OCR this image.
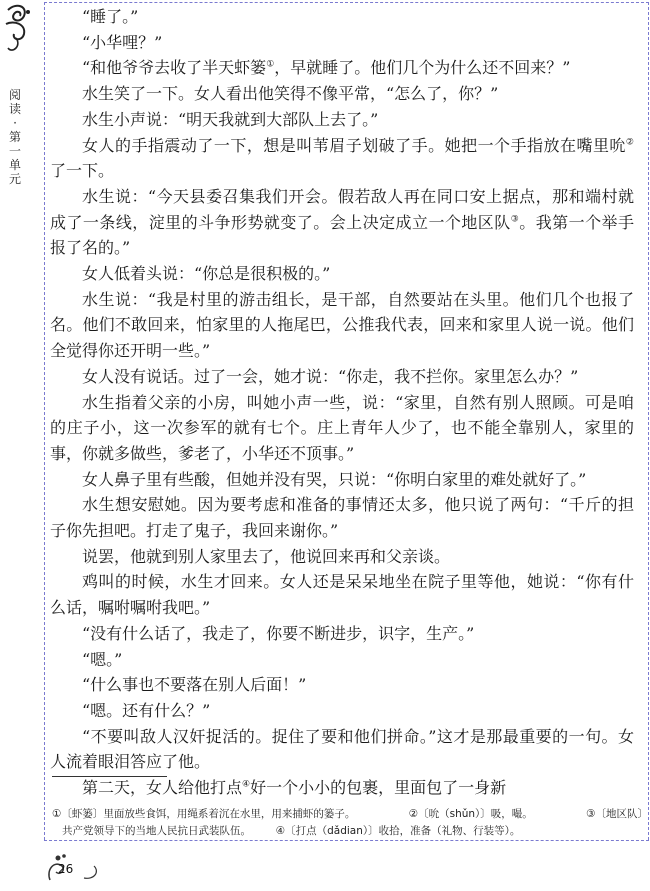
阅
读
·
第
一
单
元

“睡了。”

“小华哩？”

“和他爷爷去收了半天虾篓①，早就睡了。他们几个为什么还不回来？”

水生笑了一下。女人看出他笑得不像平常，“怎么了，你？”

水生小声说：“明天我就到大部队上去了。”

女人的手指震动了一下，想是叫苇眉子划破了手。她把一个手指放在嘴里吮②了一下。

水生说：“今天县委召集我们开会。假若敌人再在同口安上据点，那和端村就成了一条线，淀里的斗争形势就变了。会上决定成立一个地区队③。我第一个举手报了名的。”

女人低着头说：“你总是很积极的。”

水生说：“我是村里的游击组长，是干部，自然要站在头里。他们几个也报了名。他们不敢回来，怕家里的人拖尾巴，公推我代表，回来和家里人说一说。他们全觉得你还开明一些。”

女人没有说话。过了一会，她才说：“你走，我不拦你。家里怎么办？”

水生指着父亲的小房，叫她小声一些，说：“家里，自然有别人照顾。可是咱的庄子小，这一次参军的就有七个。庄上青年人少了，也不能全靠别人，家里的事，你就多做些，爹老了，小华还不顶事。”

女人鼻子里有些酸，但她并没有哭，只说：“你明白家里的难处就好了。”

水生想安慰她。因为要考虑和准备的事情还太多，他只说了两句：“千斤的担子你先担吧。打走了鬼子，我回来谢你。”

说罢，他就到别人家里去了，他说回来再和父亲谈。

鸡叫的时候，水生才回来。女人还是呆呆地坐在院子里等他，她说：“你有什么话，嘱咐嘱咐我吧。”

“没有什么话了，我走了，你要不断进步，识字，生产。”

“嗯。”

“什么事也不要落在别人后面！”

“嗯。还有什么？”

“不要叫敌人汉奸捉活的。捉住了要和他们拼命。”这才是那最重要的一句。女人流着眼泪答应了他。

第二天，女人给他打点④好一个小小的包裹，里面包了一身新

①〔虾篓〕里面放些食饵，用绳系着沉在水里，用来捕虾的篓子。	②〔吮（shǔn）〕吸，嘬。	③〔地区队〕
共产党领导下的当地人民抗日武装队伍。 ④〔打点（dǎdian）〕收拾，准备（礼物、行装等）。
26
